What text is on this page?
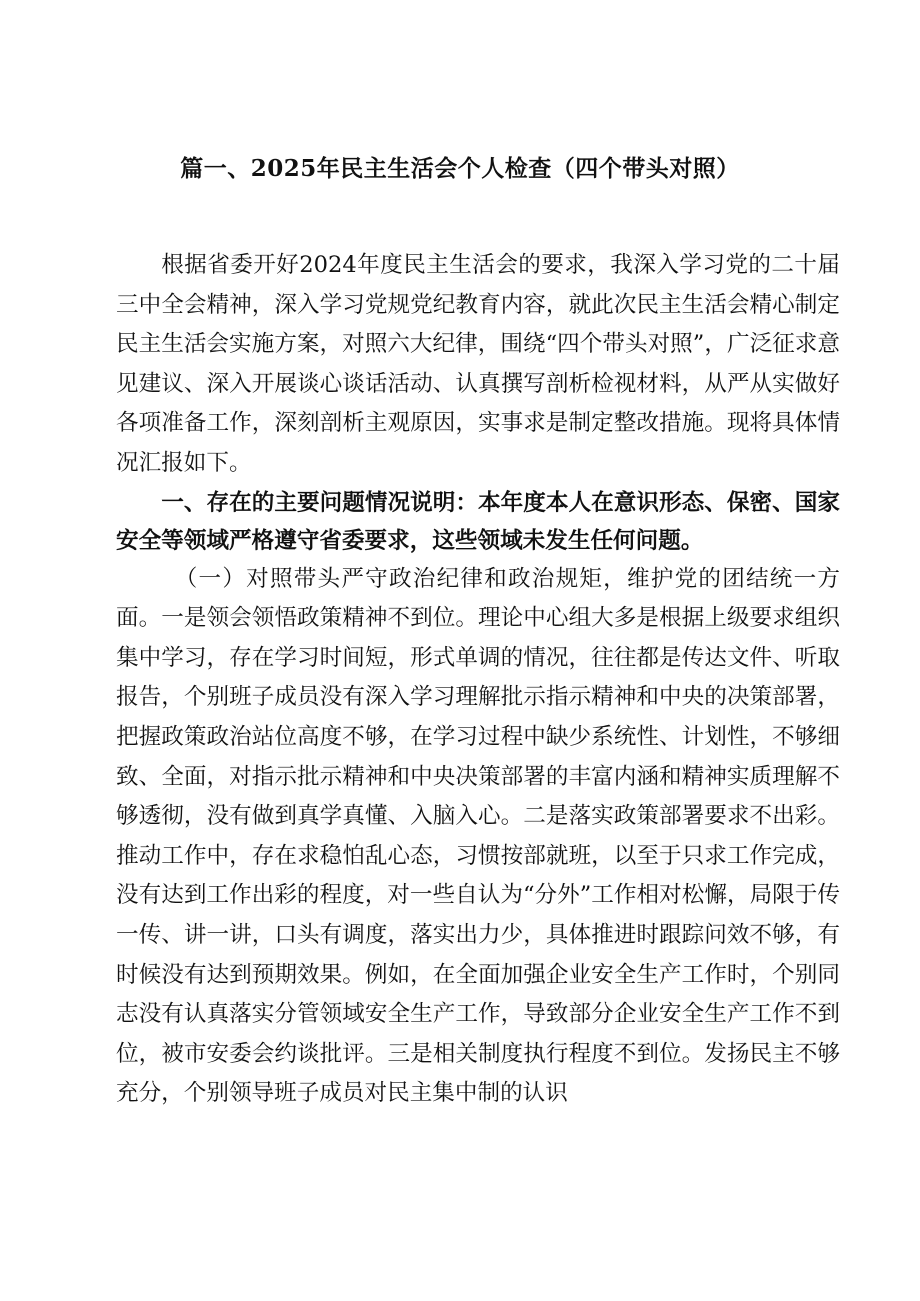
篇一、2025年民主生活会个人检查（四个带头对照）

根据省委开好2024年度民主生活会的要求，我深入学习党的二十届三中全会精神，深入学习党规党纪教育内容，就此次民主生活会精心制定民主生活会实施方案，对照六大纪律，围绕“四个带头对照”，广泛征求意见建议、深入开展谈心谈话活动、认真撰写剖析检视材料，从严从实做好各项准备工作，深刻剖析主观原因，实事求是制定整改措施。现将具体情况汇报如下。

一、存在的主要问题情况说明：本年度本人在意识形态、保密、国家安全等领域严格遵守省委要求，这些领域未发生任何问题。

（一）对照带头严守政治纪律和政治规矩，维护党的团结统一方面。一是领会领悟政策精神不到位。理论中心组大多是根据上级要求组织集中学习，存在学习时间短，形式单调的情况，往往都是传达文件、听取报告，个别班子成员没有深入学习理解批示指示精神和中央的决策部署，把握政策政治站位高度不够，在学习过程中缺少系统性、计划性，不够细致、全面，对指示批示精神和中央决策部署的丰富内涵和精神实质理解不够透彻，没有做到真学真懂、入脑入心。二是落实政策部署要求不出彩。推动工作中，存在求稳怕乱心态，习惯按部就班，以至于只求工作完成，没有达到工作出彩的程度，对一些自认为“分外”工作相对松懈，局限于传一传、讲一讲，口头有调度，落实出力少，具体推进时跟踪问效不够，有时候没有达到预期效果。例如，在全面加强企业安全生产工作时，个别同志没有认真落实分管领域安全生产工作，导致部分企业安全生产工作不到位，被市安委会约谈批评。三是相关制度执行程度不到位。发扬民主不够充分，个别领导班子成员对民主集中制的认识
